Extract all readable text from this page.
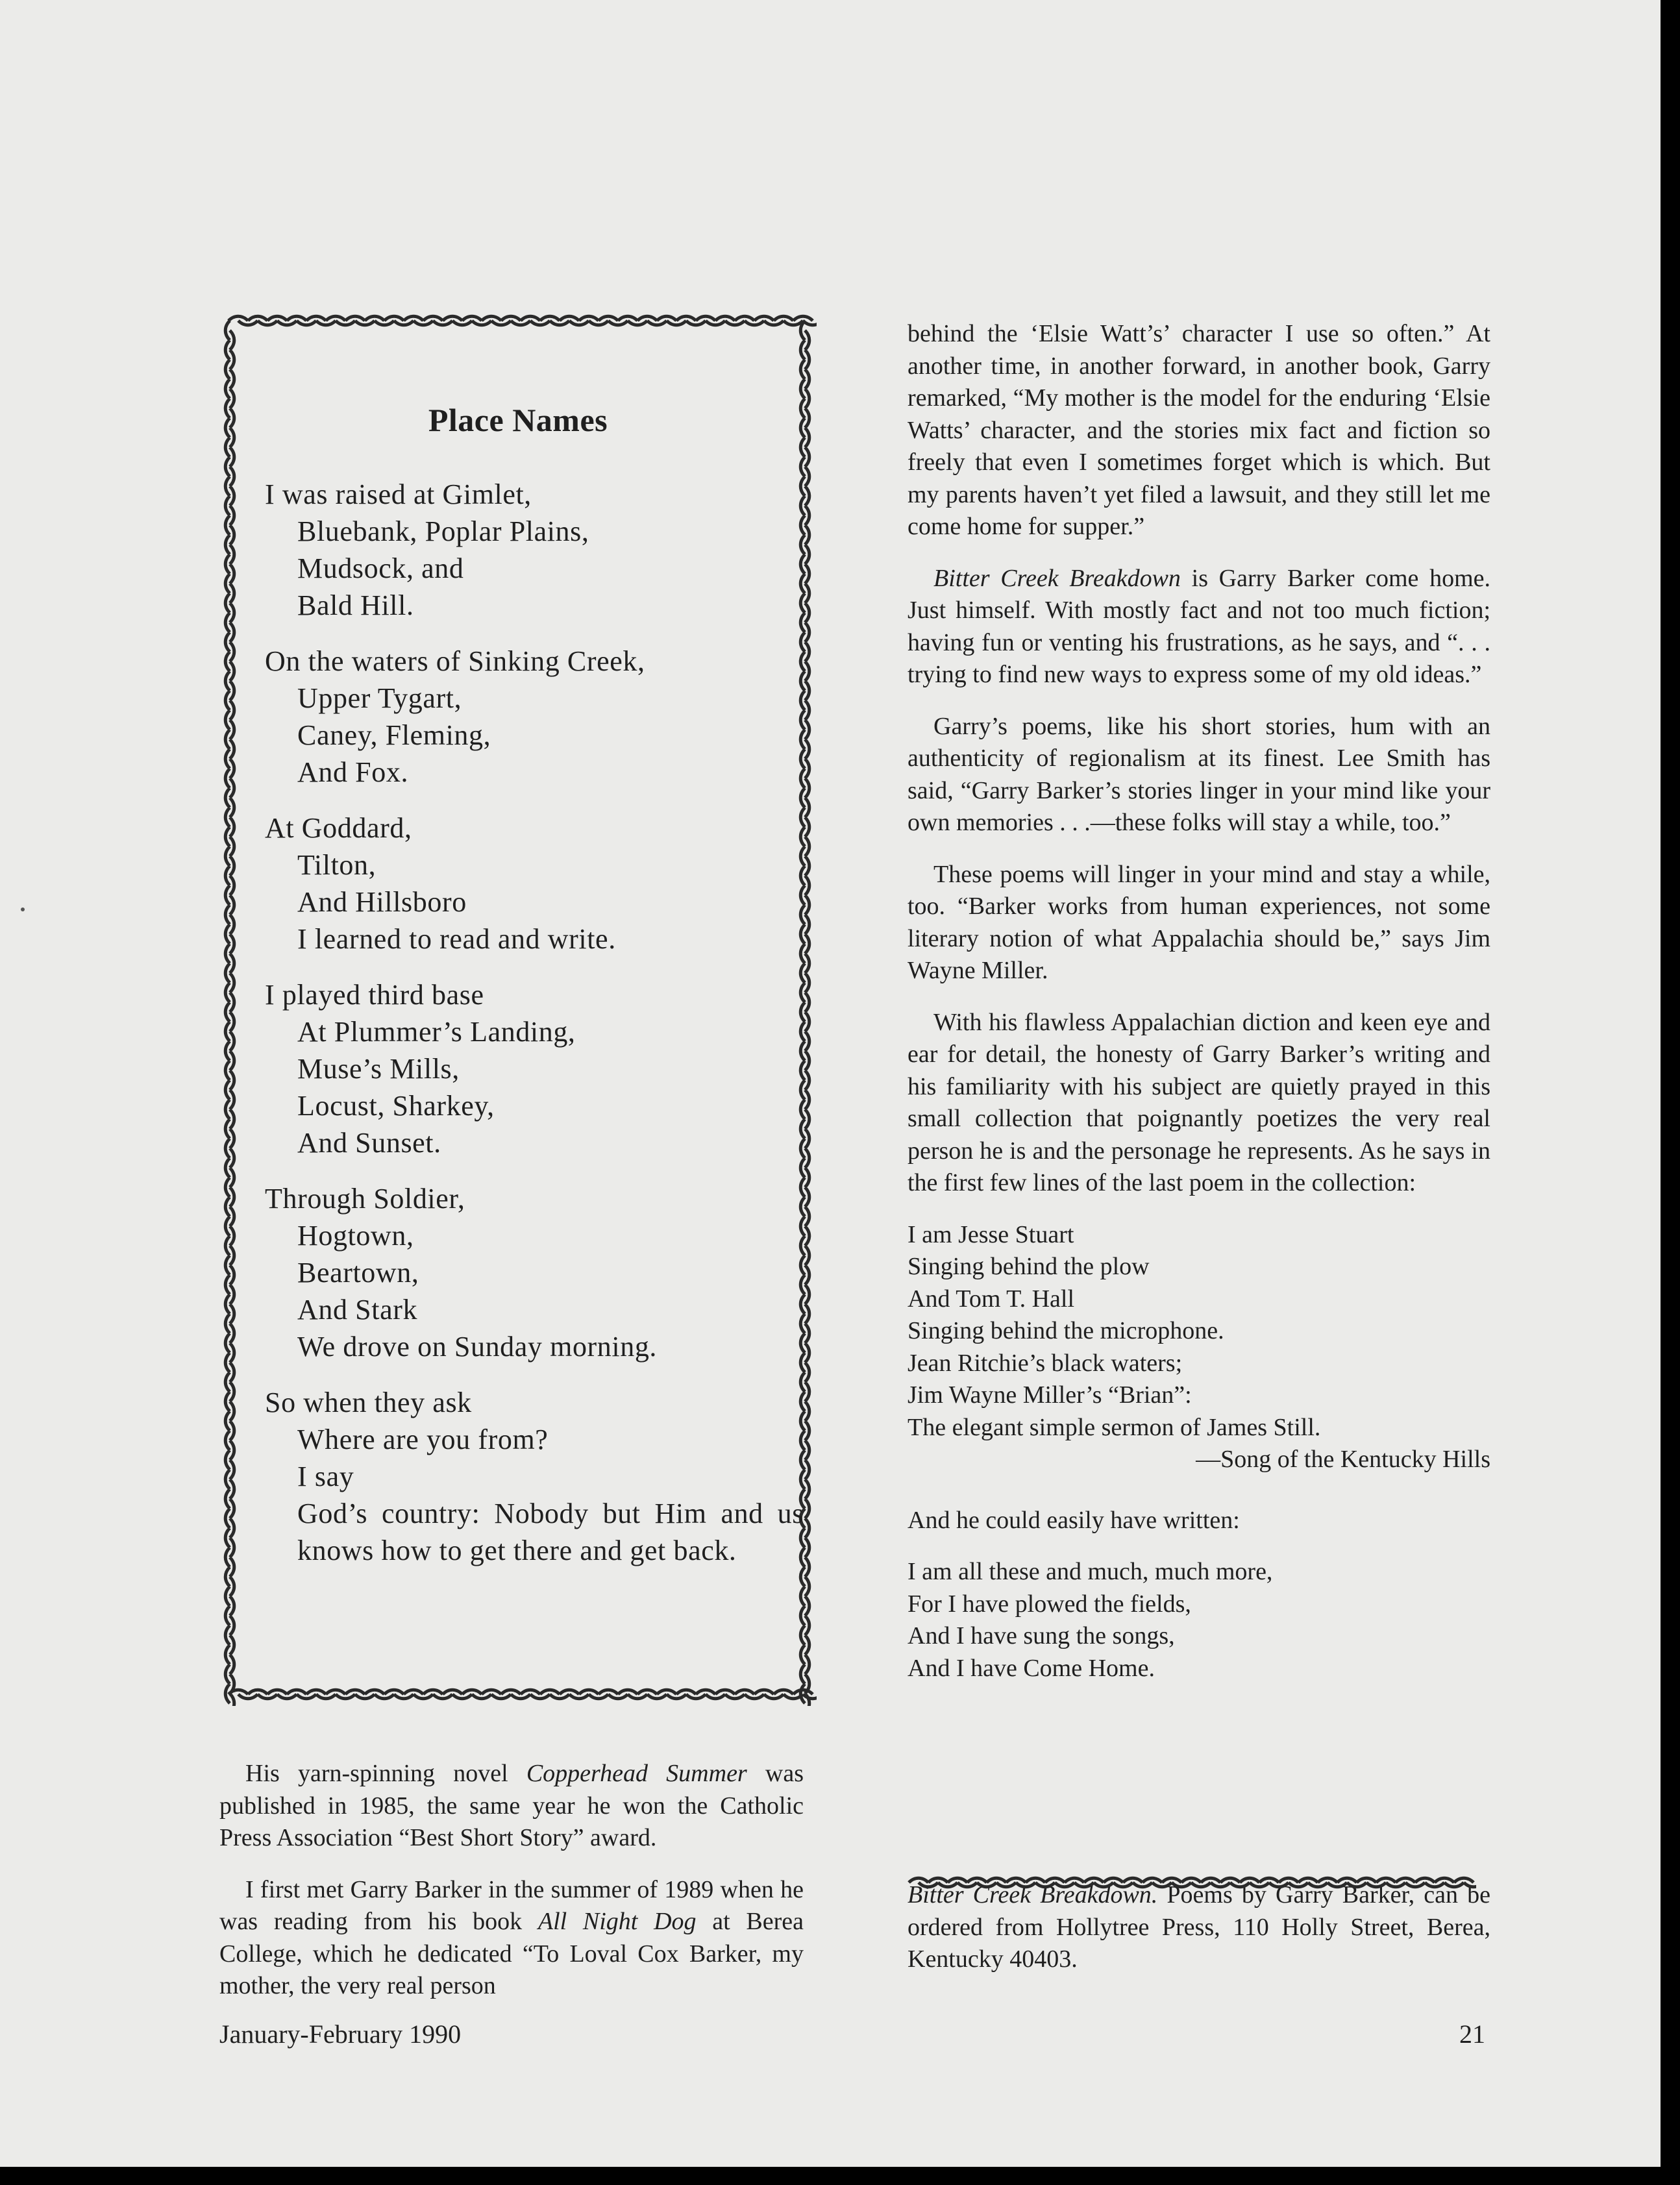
Place Names
I was raised at Gimlet,
Bluebank, Poplar Plains,
Mudsock, and
Bald Hill.
On the waters of Sinking Creek,
Upper Tygart,
Caney, Fleming,
And Fox.
At Goddard,
Tilton,
And Hillsboro
I learned to read and write.
I played third base
At Plummer’s Landing,
Muse’s Mills,
Locust, Sharkey,
And Sunset.
Through Soldier,
Hogtown,
Beartown,
And Stark
We drove on Sunday morning.
So when they ask
Where are you from?
I say
God’s country: Nobody but Him and us knows how to get there and get back.

His yarn-spinning novel Copperhead Summer was published in 1985, the same year he won the Catholic Press Association “Best Short Story” award.

I first met Garry Barker in the summer of 1989 when he was reading from his book All Night Dog at Berea College, which he dedicated “To Loval Cox Barker, my mother, the very real person

behind the ‘Elsie Watt’s’ character I use so often.” At another time, in another forward, in another book, Garry remarked, “My mother is the model for the enduring ‘Elsie Watts’ character, and the stories mix fact and fiction so freely that even I sometimes forget which is which. But my parents haven’t yet filed a lawsuit, and they still let me come home for supper.”

Bitter Creek Breakdown is Garry Barker come home. Just himself. With mostly fact and not too much fiction; having fun or venting his frustrations, as he says, and “. . . trying to find new ways to express some of my old ideas.”

Garry’s poems, like his short stories, hum with an authenticity of regionalism at its finest. Lee Smith has said, “Garry Barker’s stories linger in your mind like your own memories . . .—these folks will stay a while, too.”

These poems will linger in your mind and stay a while, too. “Barker works from human experiences, not some literary notion of what Appalachia should be,” says Jim Wayne Miller.

With his flawless Appalachian diction and keen eye and ear for detail, the honesty of Garry Barker’s writing and his familiarity with his subject are quietly prayed in this small collection that poignantly poetizes the very real person he is and the personage he represents. As he says in the first few lines of the last poem in the collection:

I am Jesse Stuart
Singing behind the plow
And Tom T. Hall
Singing behind the microphone.
Jean Ritchie’s black waters;
Jim Wayne Miller’s “Brian”:
The elegant simple sermon of James Still.
—Song of the Kentucky Hills

And he could easily have written:

I am all these and much, much more,
For I have plowed the fields,
And I have sung the songs,
And I have Come Home.

Bitter Creek Breakdown. Poems by Garry Barker, can be ordered from Hollytree Press, 110 Holly Street, Berea, Kentucky 40403.

January-February 1990	21
